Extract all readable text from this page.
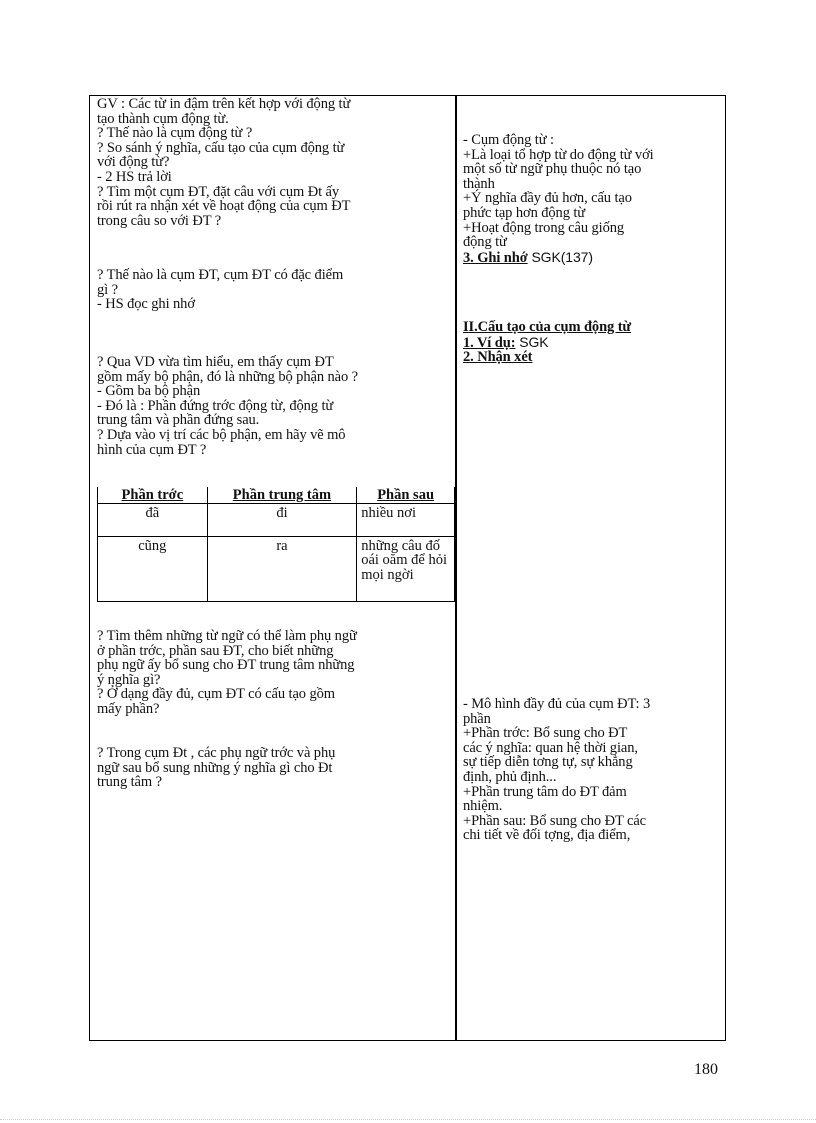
GV : Các từ in đậm trên kết hợp với động từ

tạo thành cụm động từ.

? Thế nào là cụm động từ ?

? So sánh ý nghĩa, cấu tạo của cụm động từ

với động từ?

- 2 HS trả lời

? Tìm một cụm ĐT, đặt câu với cụm Đt ấy

rồi rút ra nhận xét về hoạt động của cụm ĐT

trong câu so với ĐT ?

? Thế nào là cụm ĐT, cụm ĐT có đặc điểm

gì ?

- HS đọc ghi nhớ

? Qua VD vừa tìm hiểu, em thấy cụm ĐT

gồm mấy bộ phận, đó là những bộ phận nào ?

- Gồm ba bộ phận

- Đó là : Phần đứng trớc động từ, động từ

trung tâm và phần đứng sau.

? Dựa vào vị trí các bộ phận, em hãy vẽ mô

hình của cụm ĐT ?

Phần trớc	Phần trung tâm	Phần sau
đã	đi	nhiều nơi
cũng	ra	những câu đố oái oăm để hỏi mọi ngời

? Tìm thêm những từ ngữ có thể làm phụ ngữ

ở phần trớc, phần sau ĐT, cho biết những

phụ ngữ ấy bổ sung cho ĐT trung tâm những

ý nghĩa gì?

? Ở dạng đầy đủ, cụm ĐT có cấu tạo gồm

mấy phần?

? Trong cụm Đt , các phụ ngữ trớc và phụ

ngữ sau bổ sung những ý nghĩa gì cho Đt

trung tâm ?

- Cụm động từ :

+Là loại tổ hợp từ do động từ với

một số từ ngữ phụ thuộc nó tạo

thành

+Ý nghĩa đầy đủ hơn, cấu tạo

phức tạp hơn động từ

+Hoạt động trong câu giống

động từ

3. Ghi nhớ SGK(137)

II.Cấu tạo của cụm động từ

1. Ví dụ: SGK

2. Nhận xét

- Mô hình đầy đủ của cụm ĐT: 3

phần

+Phần trớc: Bổ sung cho ĐT

các ý nghĩa: quan hệ thời gian,

sự tiếp diễn tơng tự, sự khẳng

định, phủ định...

+Phần trung tâm do ĐT đảm

nhiệm.

+Phần sau: Bổ sung cho ĐT các

chi tiết về đối tợng, địa điểm,

180
